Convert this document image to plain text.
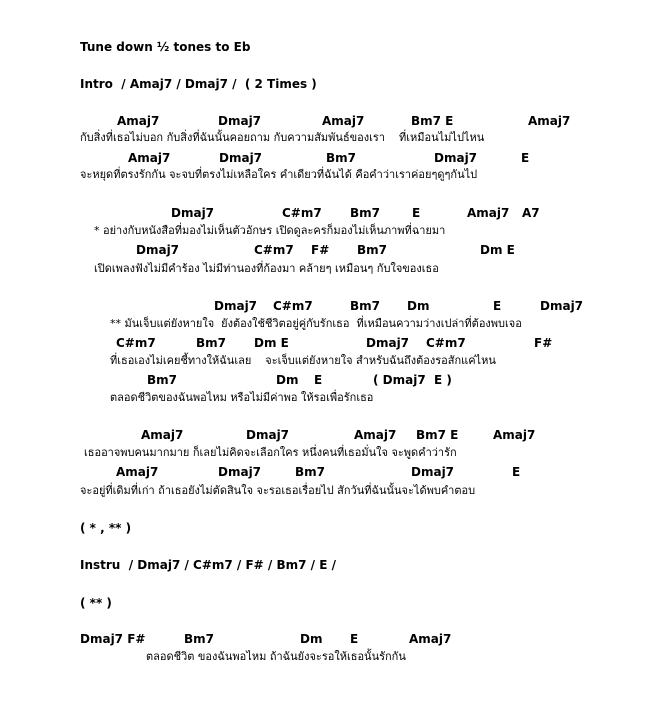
Tune down ½ tones to Eb
Intro  / Amaj7 / Dmaj7 /  ( 2 Times )
Amaj7	Dmaj7	Amaj7	Bm7 E	Amaj7
กับสิ่งที่เธอไม่บอก กับสิ่งที่ฉันนั้นคอยถาม กับความสัมพันธ์ของเรา    ที่เหมือนไม่ไปไหน
Amaj7	Dmaj7	Bm7	Dmaj7	E
จะหยุดที่ตรงรักกัน จะจบที่ตรงไม่เหลือใคร คำเดียวที่ฉันได้ คือคำว่าเราค่อยๆดูๆกันไป
Dmaj7	C#m7 Bm7	E	Amaj7 A7
* อย่างกับหนังสือที่มองไม่เห็นตัวอักษร เปิดดูละครก็มองไม่เห็นภาพที่ฉายมา
Dmaj7	C#m7 F# Bm7	Dm E
เปิดเพลงฟังไม่มีคำร้อง ไม่มีท่านองที่ก้องมา คล้ายๆ เหมือนๆ กับใจของเธอ
Dmaj7 C#m7	Bm7 Dm	E	Dmaj7
** มันเจ็บแต่ยังหายใจ  ยังต้องใช้ชีวิตอยู่คู่กับรักเธอ  ที่เหมือนความว่างเปล่าที่ต้องพบเจอ
C#m7	Bm7 Dm E	Dmaj7 C#m7	F#
ที่เธอเองไม่เคยชี้ทางให้ฉันเลย    จะเจ็บแต่ยังหายใจ สำหรับฉันถึงต้องรอสักแค่ไหน
Bm7	Dm E	( Dmaj7  E )
ตลอดชีวิตของฉันพอไหม หรือไม่มีค่าพอ ให้รอเพื่อรักเธอ
Amaj7	Dmaj7	Amaj7 Bm7 E	Amaj7
เธออาจพบคนมากมาย ก็เลยไม่คิดจะเลือกใคร หนึ่งคนที่เธอมั่นใจ จะพูดคำว่ารัก
Amaj7	Dmaj7	Bm7	Dmaj7	E
จะอยู่ที่เดิมที่เก่า ถ้าเธอยังไม่ตัดสินใจ จะรอเธอเรื่อยไป สักวันที่ฉันนั้นจะได้พบคำตอบ
( * , ** )
Instru  / Dmaj7 / C#m7 / F# / Bm7 / E /
( ** )
Dmaj7 F#	Bm7	Dm E	Amaj7
ตลอดชีวิต ของฉันพอไหม ถ้าฉันยังจะรอให้เธอนั้นรักกัน
